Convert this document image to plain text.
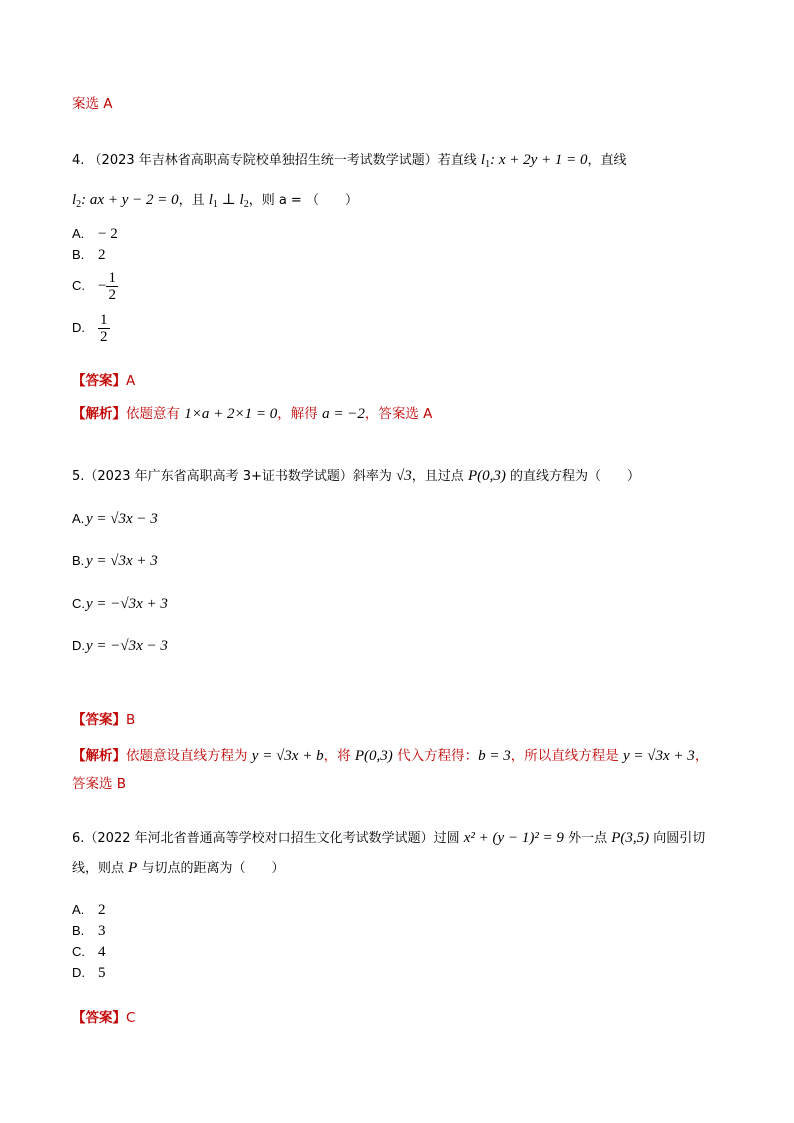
案选 A
4. （2023 年吉林省高职高专院校单独招生统一考试数学试题）若直线 $l_1$: x + 2y + 1 = 0，直线
$l_2$: ax + y − 2 = 0，且 $l_1$ ⊥ $l_2$，则 a = （　　）
A. − 2
B. 2
C. − $\frac{1}{2}$
D. $\frac{1}{2}$
【答案】A
【解析】依题意有 1×a + 2×1 = 0，解得 a = −2，答案选 A
5.（2023 年广东省高职高考 3+证书数学试题）斜率为 √3，且过点 P(0,3) 的直线方程为（　　）
A. y = √3x − 3
B. y = √3x + 3
C.y = −√3x + 3
D.y = −√3x − 3
【答案】B
【解析】依题意设直线方程为 y = √3x + b，将 P(0,3) 代入方程得：b = 3，所以直线方程是 y = √3x + 3，
答案选 B
6.（2022 年河北省普通高等学校对口招生文化考试数学试题）过圆 x² + (y − 1)² = 9 外一点 P(3,5) 向圆引切
线，则点 P 与切点的距离为（　　）
A. 2
B. 3
C. 4
D. 5
【答案】C
